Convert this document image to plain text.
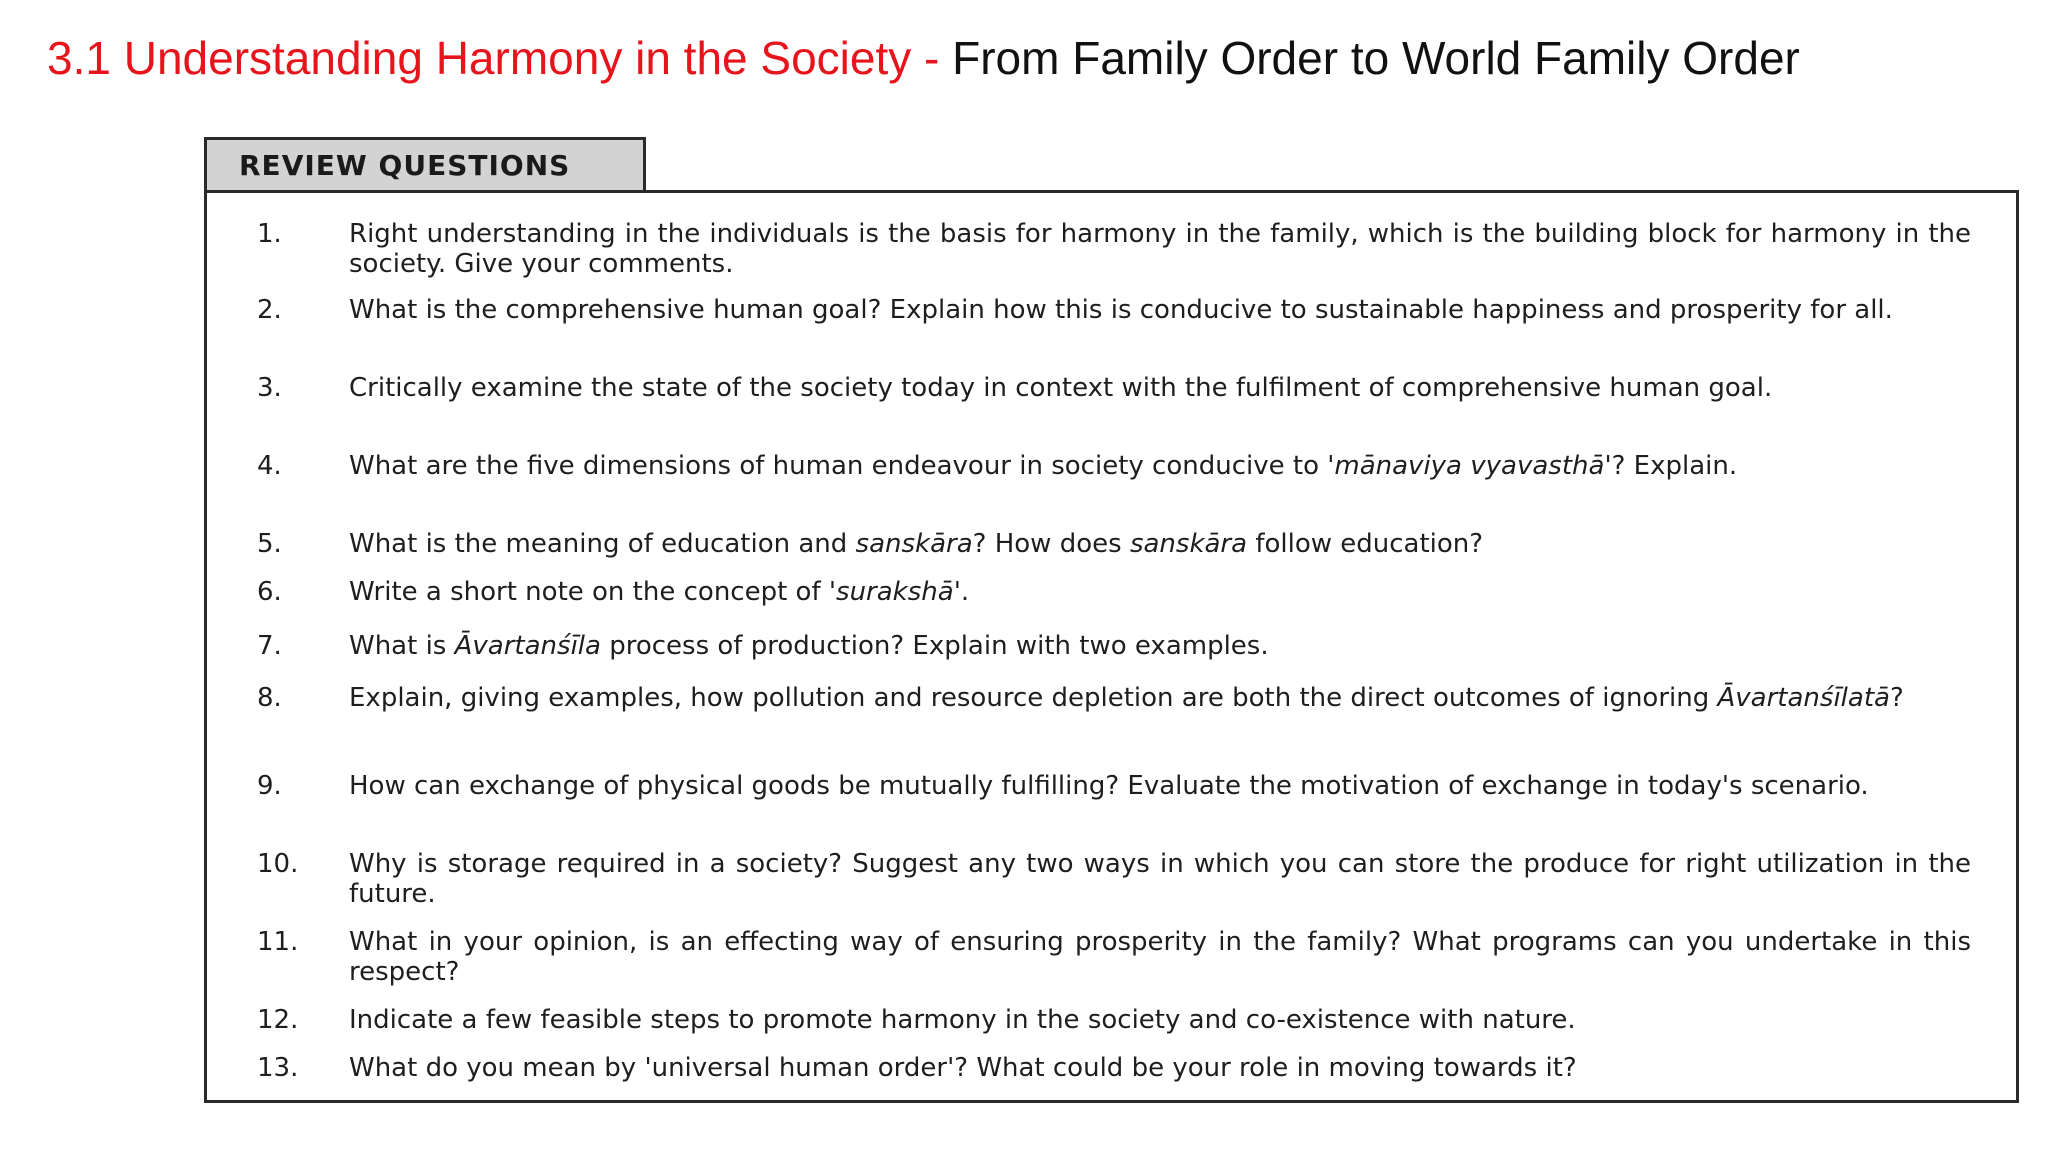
3.1 Understanding Harmony in the Society - From Family Order to World Family Order
REVIEW QUESTIONS
1.	Right understanding in the individuals is the basis for harmony in the family, which is the building block for harmony in the society. Give your comments.
2.	What is the comprehensive human goal? Explain how this is conducive to sustainable happiness and prosperity for all.
3.	Critically examine the state of the society today in context with the fulfilment of comprehensive human goal.
4.	What are the five dimensions of human endeavour in society conducive to 'mānaviya vyavasthā'? Explain.
5.	What is the meaning of education and sanskāra? How does sanskāra follow education?
6.	Write a short note on the concept of 'surakshā'.
7.	What is Āvartanśīla process of production? Explain with two examples.
8.	Explain, giving examples, how pollution and resource depletion are both the direct outcomes of ignoring Āvartanśīlatā?
9.	How can exchange of physical goods be mutually fulfilling? Evaluate the motivation of exchange in today's scenario.
10.	Why is storage required in a society? Suggest any two ways in which you can store the produce for right utilization in the future.
11.	What in your opinion, is an effecting way of ensuring prosperity in the family? What programs can you undertake in this respect?
12.	Indicate a few feasible steps to promote harmony in the society and co-existence with nature.
13.	What do you mean by 'universal human order'? What could be your role in moving towards it?
